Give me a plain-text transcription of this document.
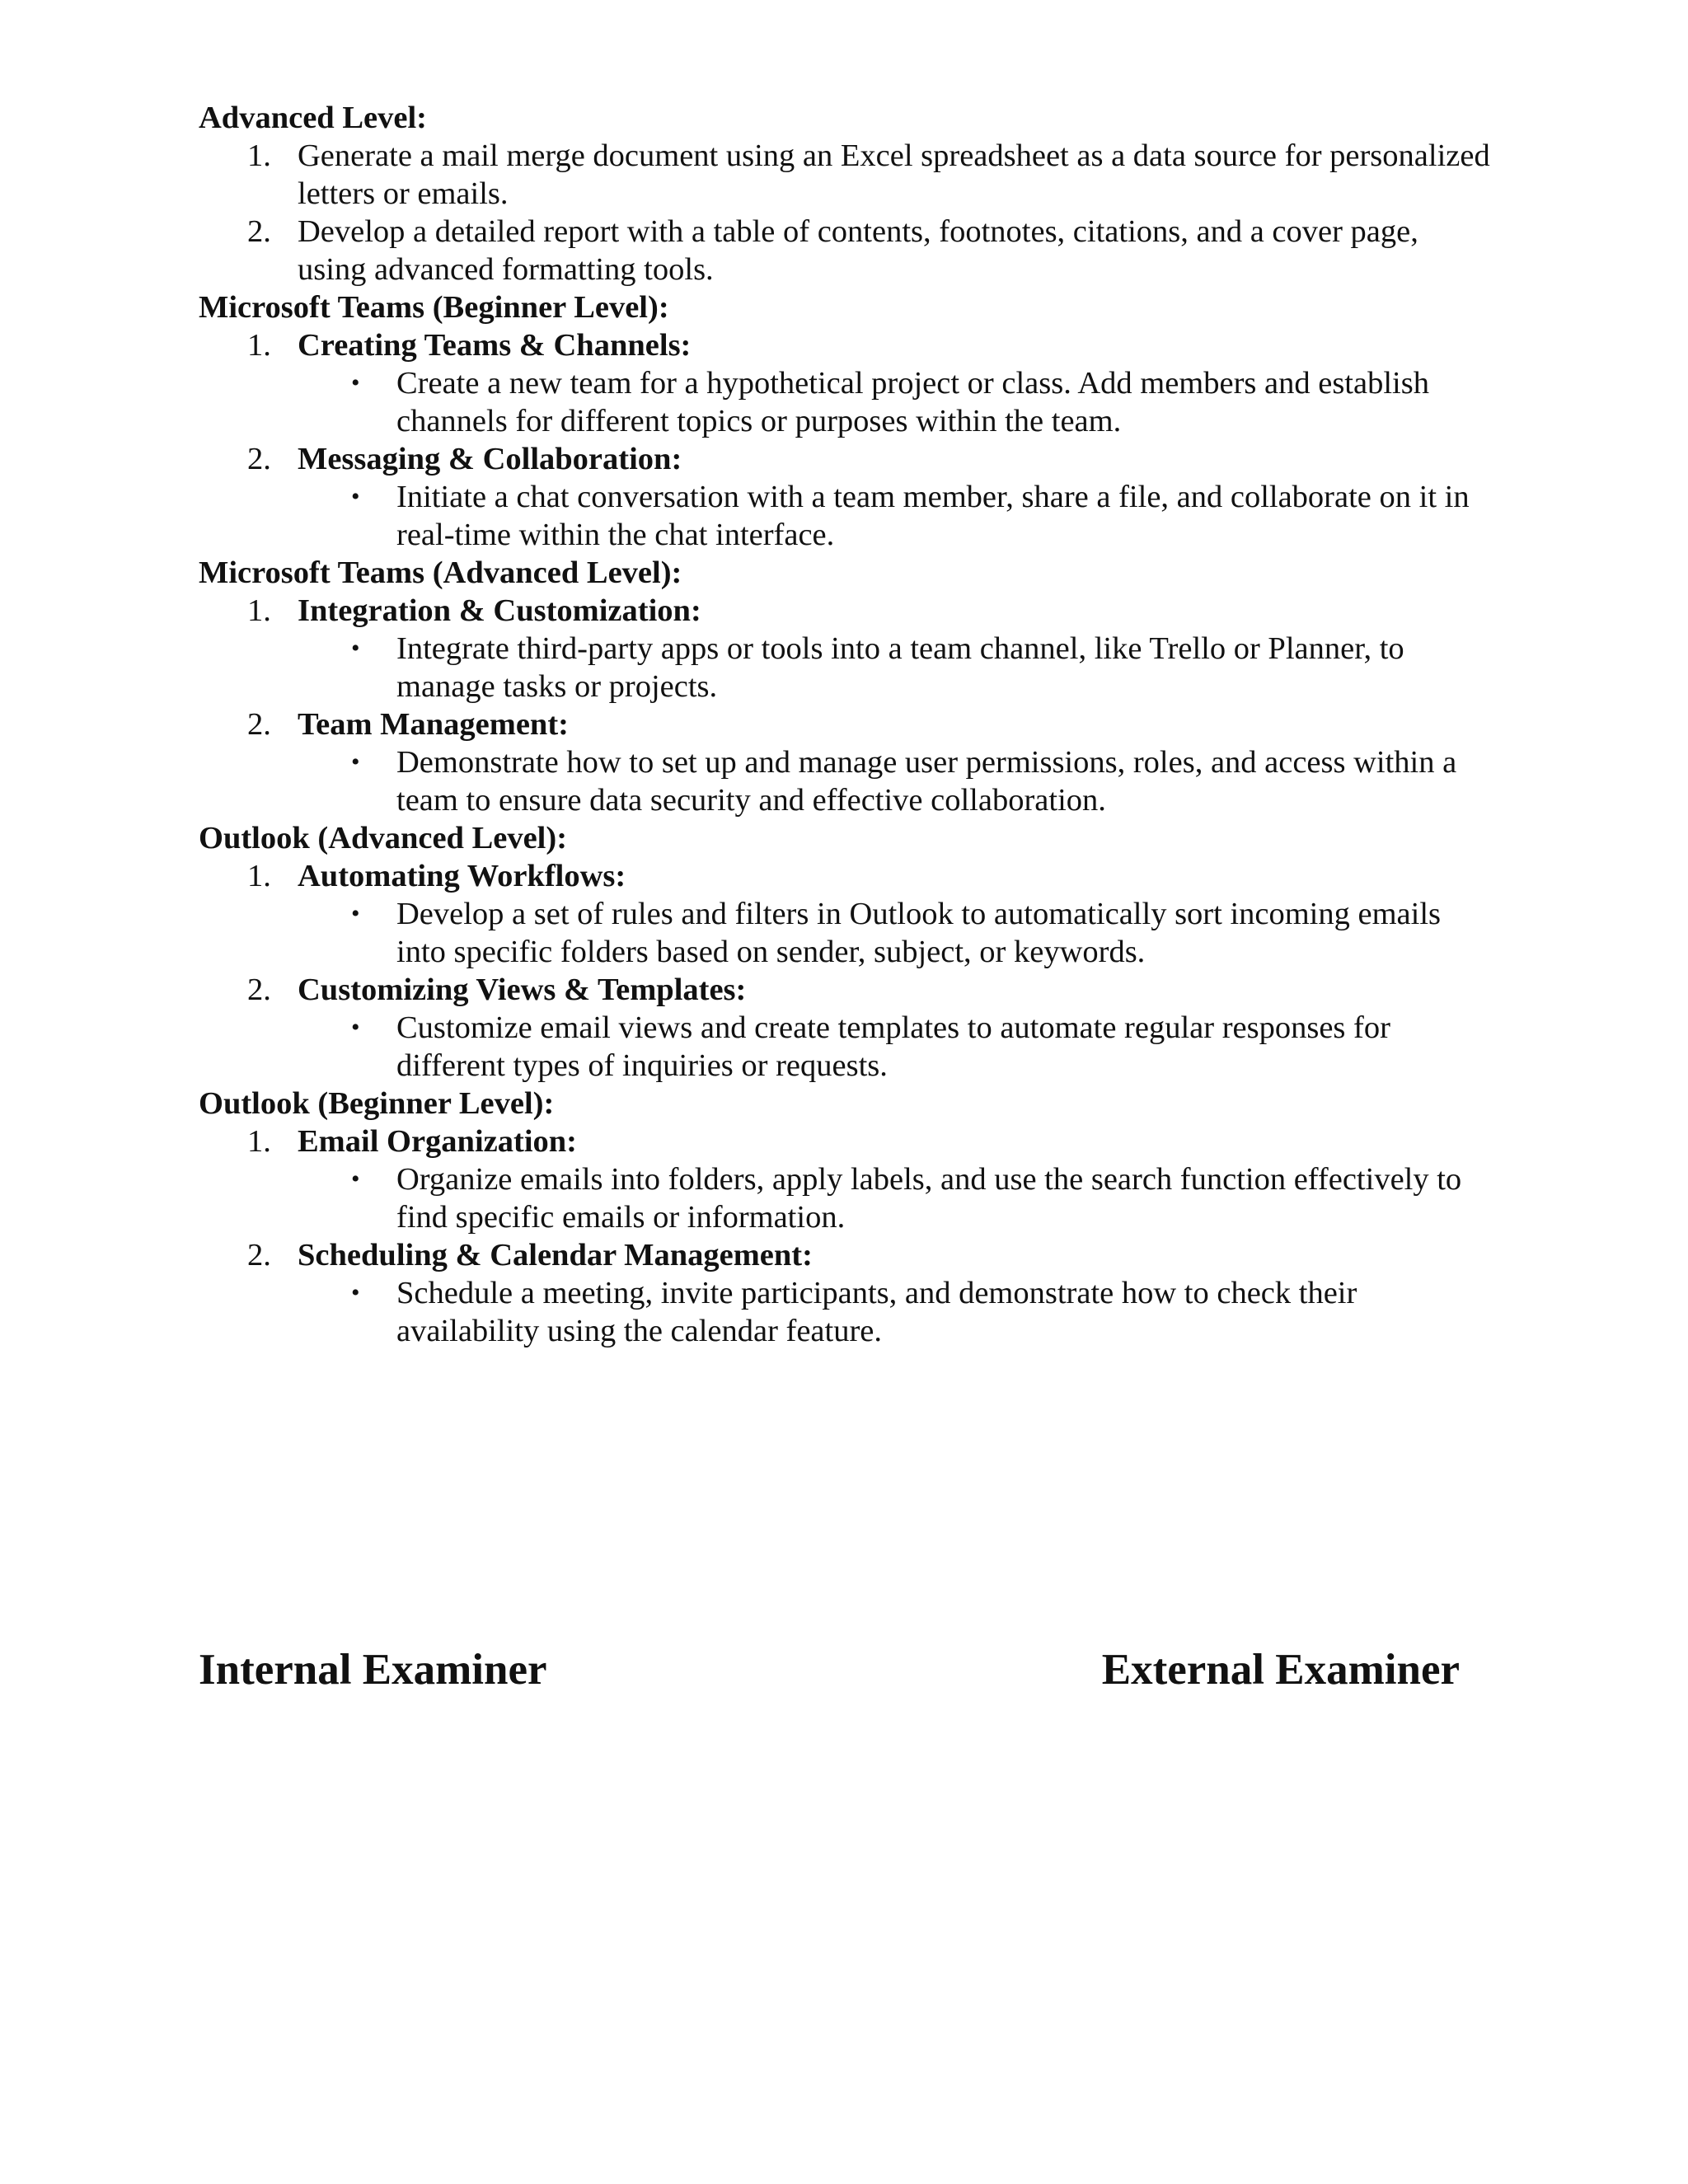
Advanced Level:

1. Generate a mail merge document using an Excel spreadsheet as a data source for personalized letters or emails.

2. Develop a detailed report with a table of contents, footnotes, citations, and a cover page, using advanced formatting tools.

Microsoft Teams (Beginner Level):

1. Creating Teams & Channels:

• Create a new team for a hypothetical project or class. Add members and establish channels for different topics or purposes within the team.

2. Messaging & Collaboration:

• Initiate a chat conversation with a team member, share a file, and collaborate on it in real-time within the chat interface.

Microsoft Teams (Advanced Level):

1. Integration & Customization:

• Integrate third-party apps or tools into a team channel, like Trello or Planner, to manage tasks or projects.

2. Team Management:

• Demonstrate how to set up and manage user permissions, roles, and access within a team to ensure data security and effective collaboration.

Outlook (Advanced Level):

1. Automating Workflows:

• Develop a set of rules and filters in Outlook to automatically sort incoming emails into specific folders based on sender, subject, or keywords.

2. Customizing Views & Templates:

• Customize email views and create templates to automate regular responses for different types of inquiries or requests.

Outlook (Beginner Level):

1. Email Organization:

• Organize emails into folders, apply labels, and use the search function effectively to find specific emails or information.

2. Scheduling & Calendar Management:

• Schedule a meeting, invite participants, and demonstrate how to check their availability using the calendar feature.

Internal Examiner	External Examiner
